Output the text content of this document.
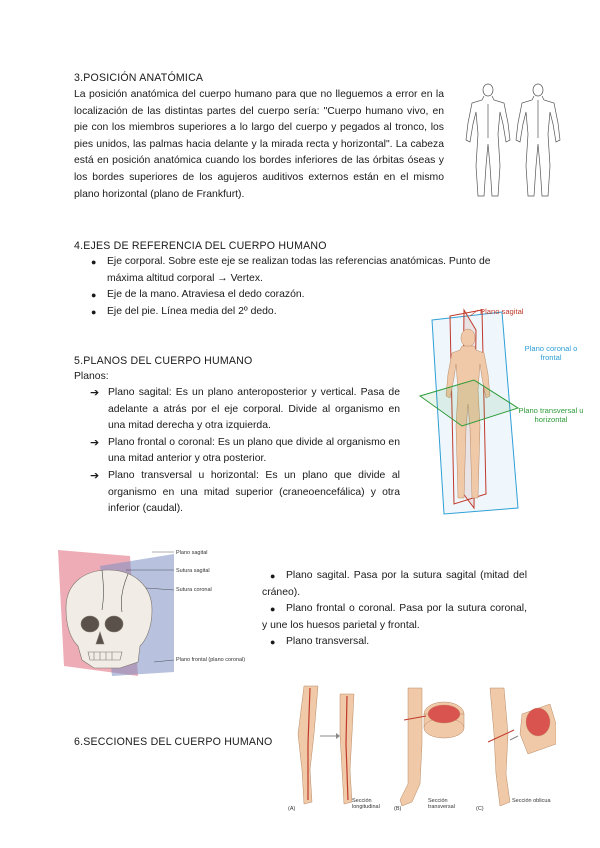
3.POSICIÓN ANATÓMICA
La posición anatómica del cuerpo humano para que no lleguemos a error en la localización de las distintas partes del cuerpo sería: "Cuerpo humano vivo, en pie con los miembros superiores a lo largo del cuerpo y pegados al tronco, los pies unidos, las palmas hacia delante y la mirada recta y horizontal". La cabeza está en posición anatómica cuando los bordes inferiores de las órbitas óseas y los bordes superiores de los agujeros auditivos externos están en el mismo plano horizontal (plano de Frankfurt).
4.EJES DE REFERENCIA DEL CUERPO HUMANO
● Eje corporal. Sobre este eje se realizan todas las referencias anatómicas. Punto de máxima altitud corporal → Vertex.
● Eje de la mano. Atraviesa el dedo corazón.
● Eje del pie. Línea media del 2º dedo.
5.PLANOS DEL CUERPO HUMANO
Planos:
➔ Plano sagital: Es un plano anteroposterior y vertical. Pasa de adelante a atrás por el eje corporal. Divide al organismo en una mitad derecha y otra izquierda.
➔ Plano frontal o coronal: Es un plano que divide al organismo en una mitad anterior y otra posterior.
➔ Plano transversal u horizontal: Es un plano que divide al organismo en una mitad superior (craneoencefálica) y otra inferior (caudal).
Plano sagital
Plano coronal o frontal
Plano transversal u horizontal
Plano sagital
Sutura sagital
Sutura coronal
Plano frontal (plano coronal)
● Plano sagital. Pasa por la sutura sagital (mitad del cráneo).
● Plano frontal o coronal. Pasa por la sutura coronal, y une los huesos parietal y frontal.
● Plano transversal.
6.SECCIONES DEL CUERPO HUMANO
(A)
Sección longitudinal	(B)
Sección transversal	(C)
Sección oblicua
